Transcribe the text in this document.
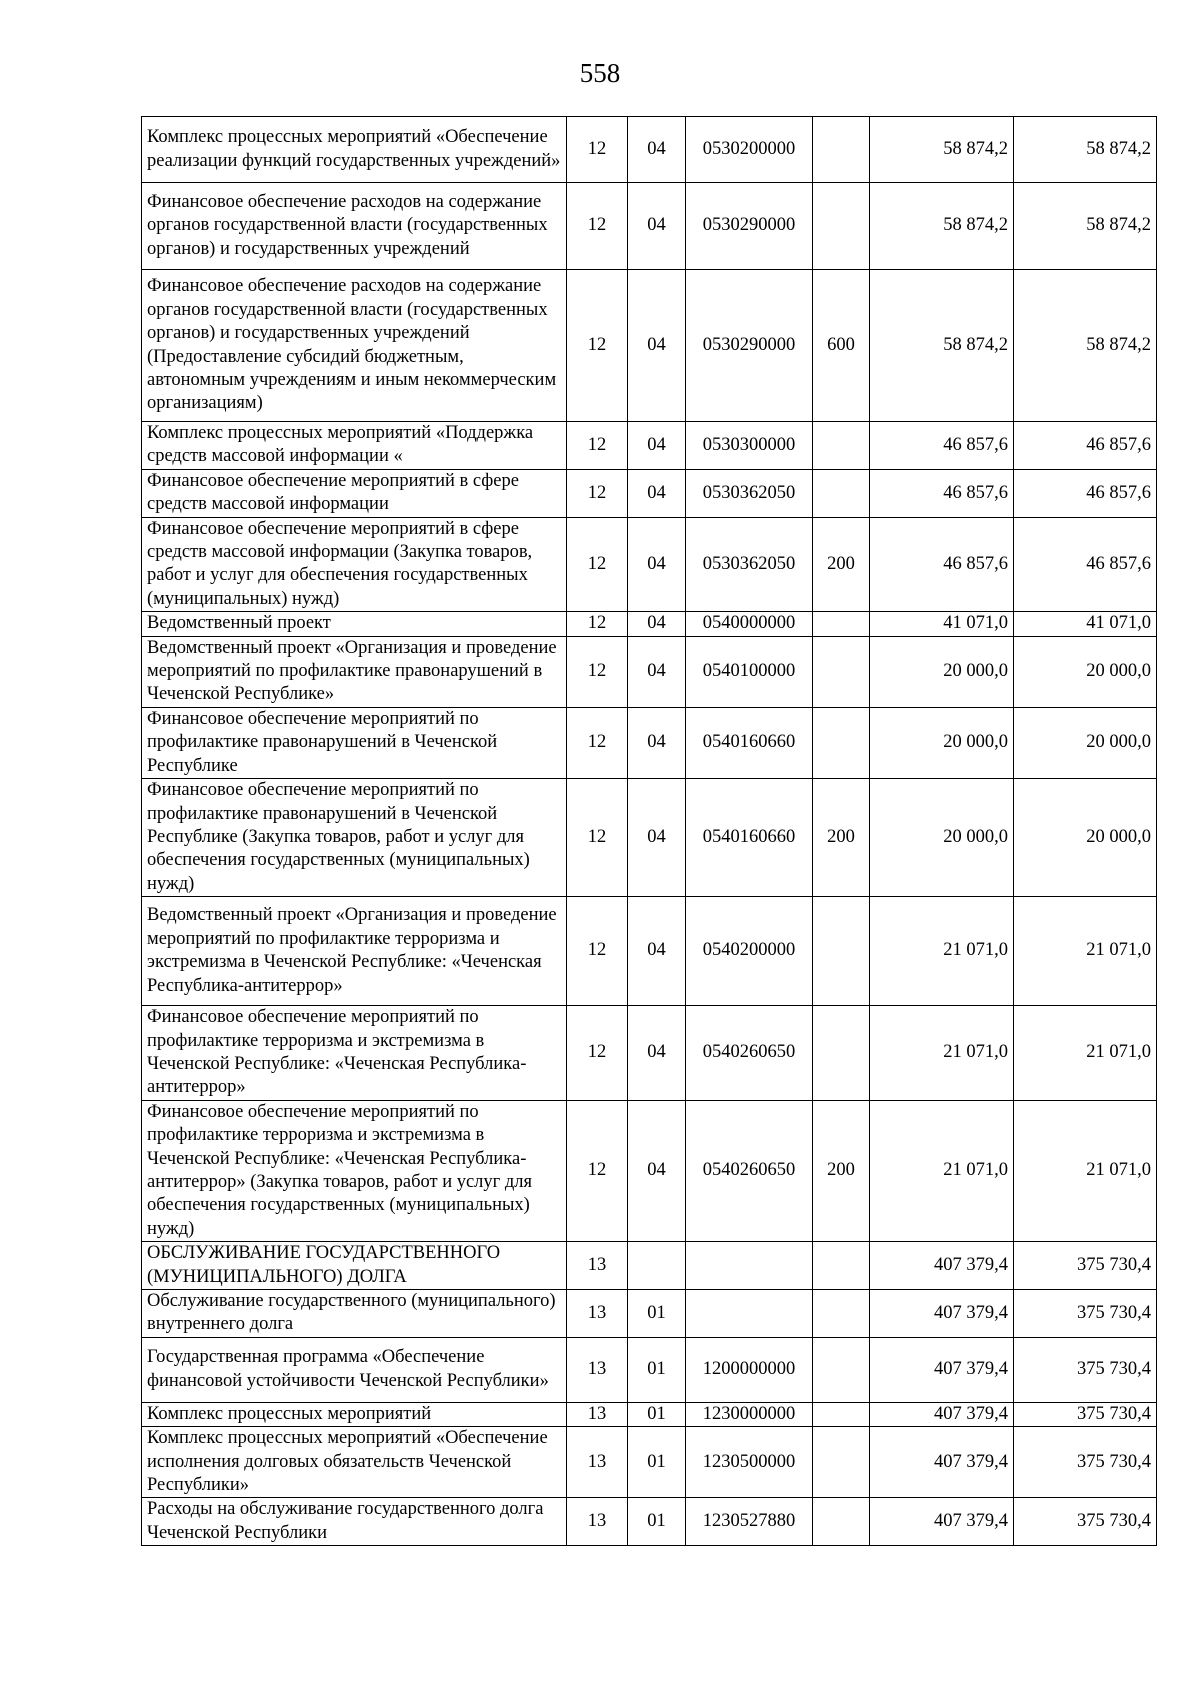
558
Комплекс процессных мероприятий «Обеспечение реализации функций государственных учреждений»	12	04	0530200000		58 874,2	58 874,2
Финансовое обеспечение расходов на содержание органов государственной власти (государственных органов) и государственных учреждений	12	04	0530290000		58 874,2	58 874,2
Финансовое обеспечение расходов на содержание органов государственной власти (государственных органов) и государственных учреждений (Предоставление субсидий бюджетным, автономным учреждениям и иным некоммерческим организациям)	12	04	0530290000	600	58 874,2	58 874,2
Комплекс процессных мероприятий «Поддержка средств массовой информации «	12	04	0530300000		46 857,6	46 857,6
Финансовое обеспечение мероприятий в сфере средств массовой информации	12	04	0530362050		46 857,6	46 857,6
Финансовое обеспечение мероприятий в сфере средств массовой информации (Закупка товаров, работ и услуг для обеспечения государственных (муниципальных) нужд)	12	04	0530362050	200	46 857,6	46 857,6
Ведомственный проект	12	04	0540000000		41 071,0	41 071,0
Ведомственный проект «Организация и проведение мероприятий по профилактике правонарушений в Чеченской Республике»	12	04	0540100000		20 000,0	20 000,0
Финансовое обеспечение мероприятий по профилактике правонарушений в Чеченской Республике	12	04	0540160660		20 000,0	20 000,0
Финансовое обеспечение мероприятий по профилактике правонарушений в Чеченской Республике (Закупка товаров, работ и услуг для обеспечения государственных (муниципальных) нужд)	12	04	0540160660	200	20 000,0	20 000,0
Ведомственный проект «Организация и проведение мероприятий по профилактике терроризма и экстремизма в Чеченской Республике: «Чеченская Республика-антитеррор»	12	04	0540200000		21 071,0	21 071,0
Финансовое обеспечение мероприятий по профилактике терроризма и экстремизма в Чеченской Республике: «Чеченская Республика-антитеррор»	12	04	0540260650		21 071,0	21 071,0
Финансовое обеспечение мероприятий по профилактике терроризма и экстремизма в Чеченской Республике: «Чеченская Республика-антитеррор» (Закупка товаров, работ и услуг для обеспечения государственных (муниципальных) нужд)	12	04	0540260650	200	21 071,0	21 071,0
ОБСЛУЖИВАНИЕ ГОСУДАРСТВЕННОГО (МУНИЦИПАЛЬНОГО) ДОЛГА	13				407 379,4	375 730,4
Обслуживание государственного (муниципального) внутреннего долга	13	01			407 379,4	375 730,4
Государственная программа «Обеспечение финансовой устойчивости Чеченской Республики»	13	01	1200000000		407 379,4	375 730,4
Комплекс процессных мероприятий	13	01	1230000000		407 379,4	375 730,4
Комплекс процессных мероприятий «Обеспечение исполнения долговых обязательств Чеченской Республики»	13	01	1230500000		407 379,4	375 730,4
Расходы на обслуживание государственного долга Чеченской Республики	13	01	1230527880		407 379,4	375 730,4
